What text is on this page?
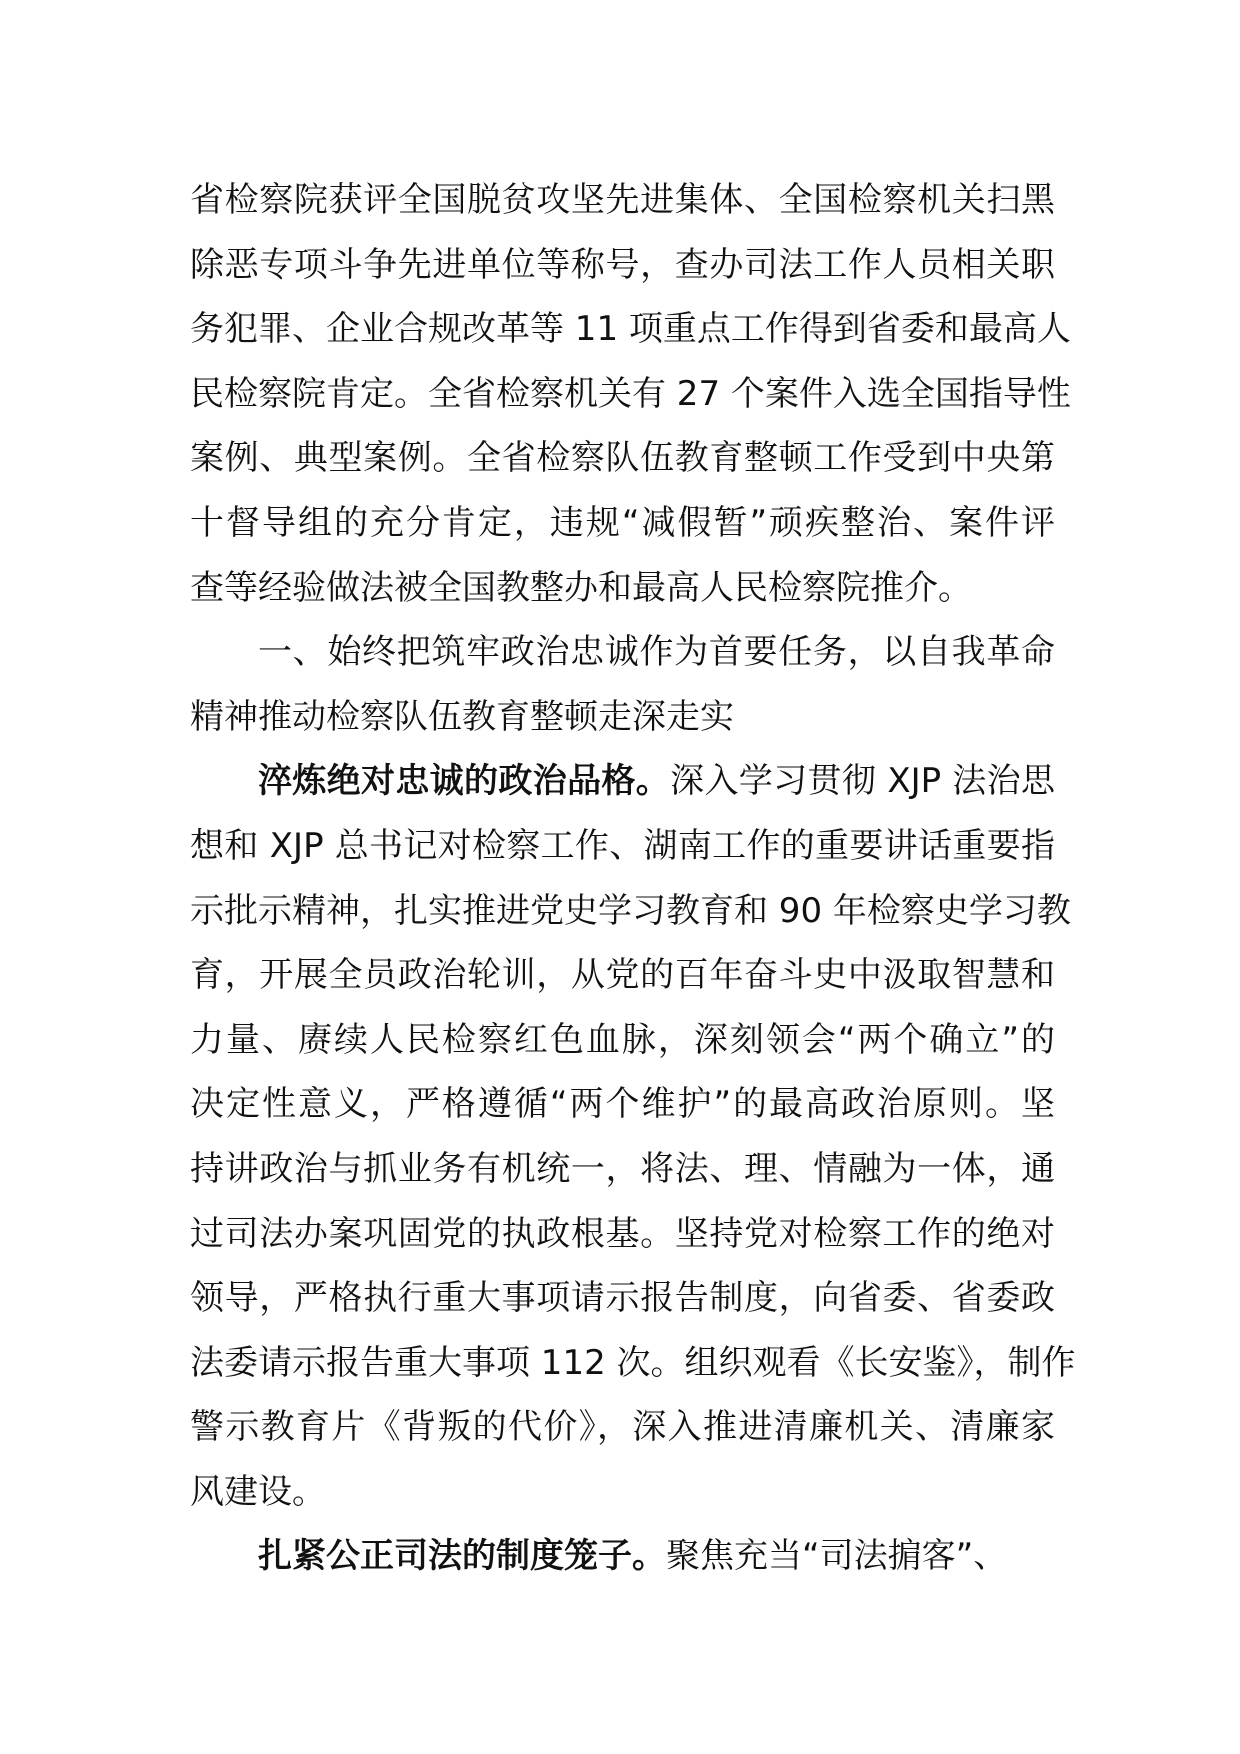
省检察院获评全国脱贫攻坚先进集体、全国检察机关扫黑
除恶专项斗争先进单位等称号，查办司法工作人员相关职
务犯罪、企业合规改革等 11 项重点工作得到省委和最高人
民检察院肯定。全省检察机关有 27 个案件入选全国指导性
案例、典型案例。全省检察队伍教育整顿工作受到中央第
十督导组的充分肯定，违规“减假暂”顽疾整治、案件评
查等经验做法被全国教整办和最高人民检察院推介。
一、始终把筑牢政治忠诚作为首要任务，以自我革命
精神推动检察队伍教育整顿走深走实
淬炼绝对忠诚的政治品格。深入学习贯彻 XJP 法治思
想和 XJP 总书记对检察工作、湖南工作的重要讲话重要指
示批示精神，扎实推进党史学习教育和 90 年检察史学习教
育，开展全员政治轮训，从党的百年奋斗史中汲取智慧和
力量、赓续人民检察红色血脉，深刻领会“两个确立”的
决定性意义，严格遵循“两个维护”的最高政治原则。坚
持讲政治与抓业务有机统一，将法、理、情融为一体，通
过司法办案巩固党的执政根基。坚持党对检察工作的绝对
领导，严格执行重大事项请示报告制度，向省委、省委政
法委请示报告重大事项 112 次。组织观看《长安鉴》，制作
警示教育片《背叛的代价》，深入推进清廉机关、清廉家
风建设。
扎紧公正司法的制度笼子。聚焦充当“司法掮客”、
